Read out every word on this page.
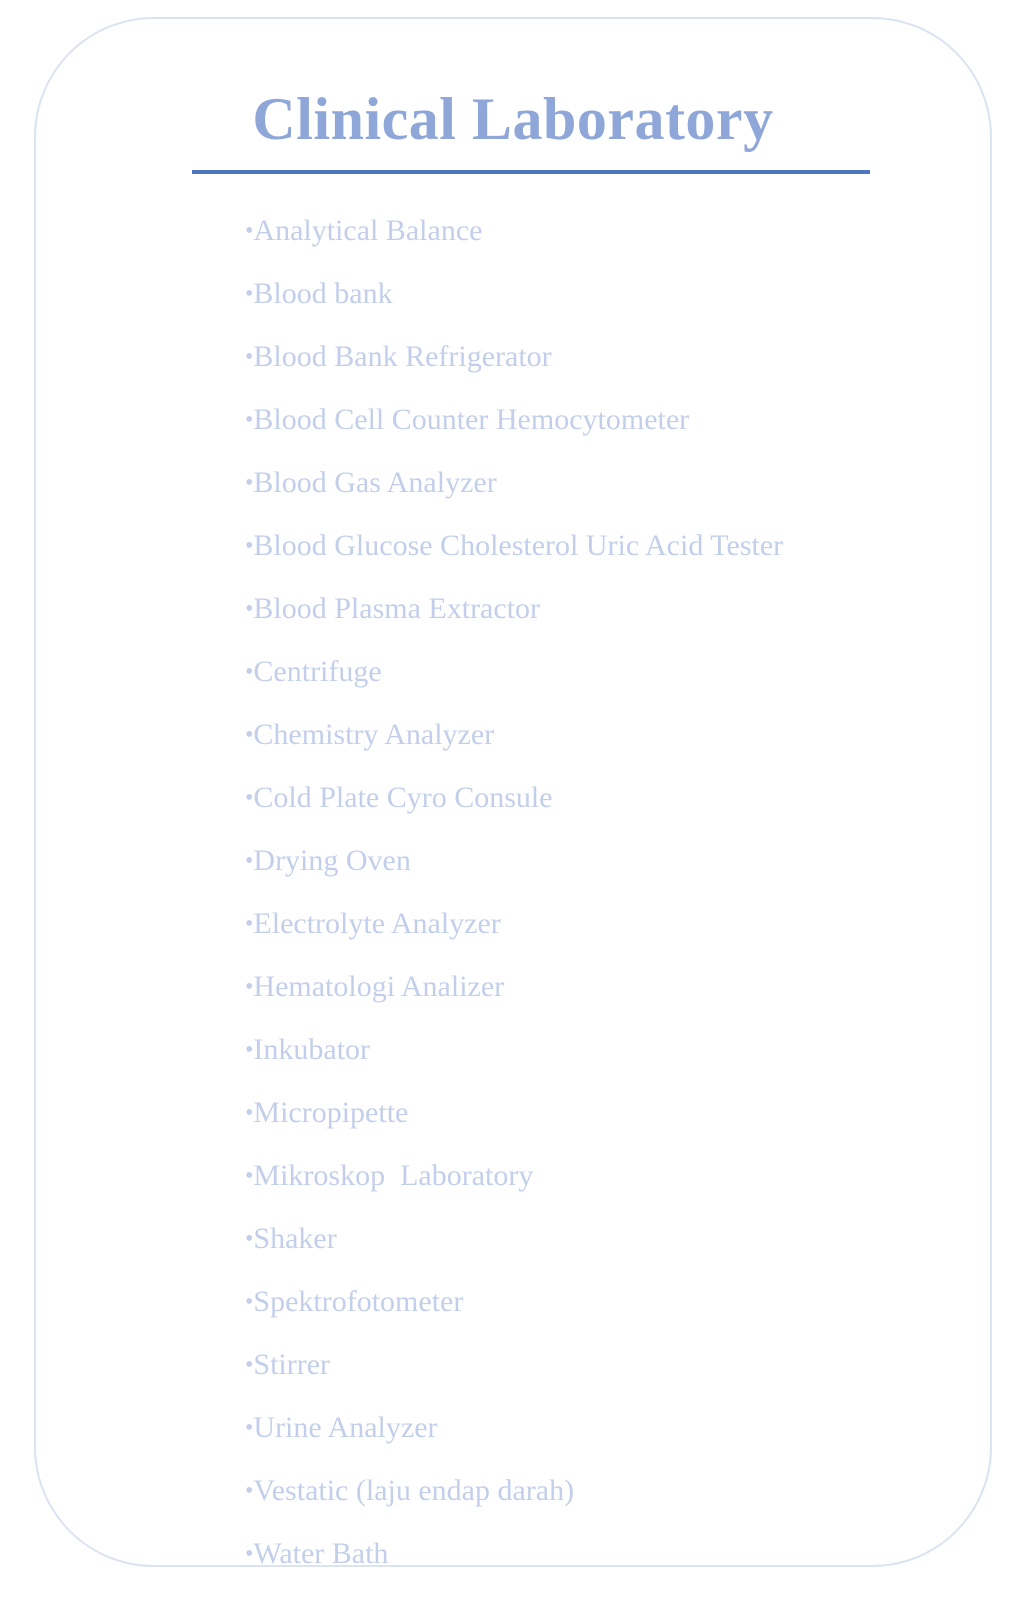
Clinical Laboratory
•Analytical Balance
•Blood bank
•Blood Bank Refrigerator
•Blood Cell Counter Hemocytometer
•Blood Gas Analyzer
•Blood Glucose Cholesterol Uric Acid Tester
•Blood Plasma Extractor
•Centrifuge
•Chemistry Analyzer
•Cold Plate Cyro Consule
•Drying Oven
•Electrolyte Analyzer
•Hematologi Analizer
•Inkubator
•Micropipette
•Mikroskop  Laboratory
•Shaker
•Spektrofotometer
•Stirrer
•Urine Analyzer
•Vestatic (laju endap darah)
•Water Bath
